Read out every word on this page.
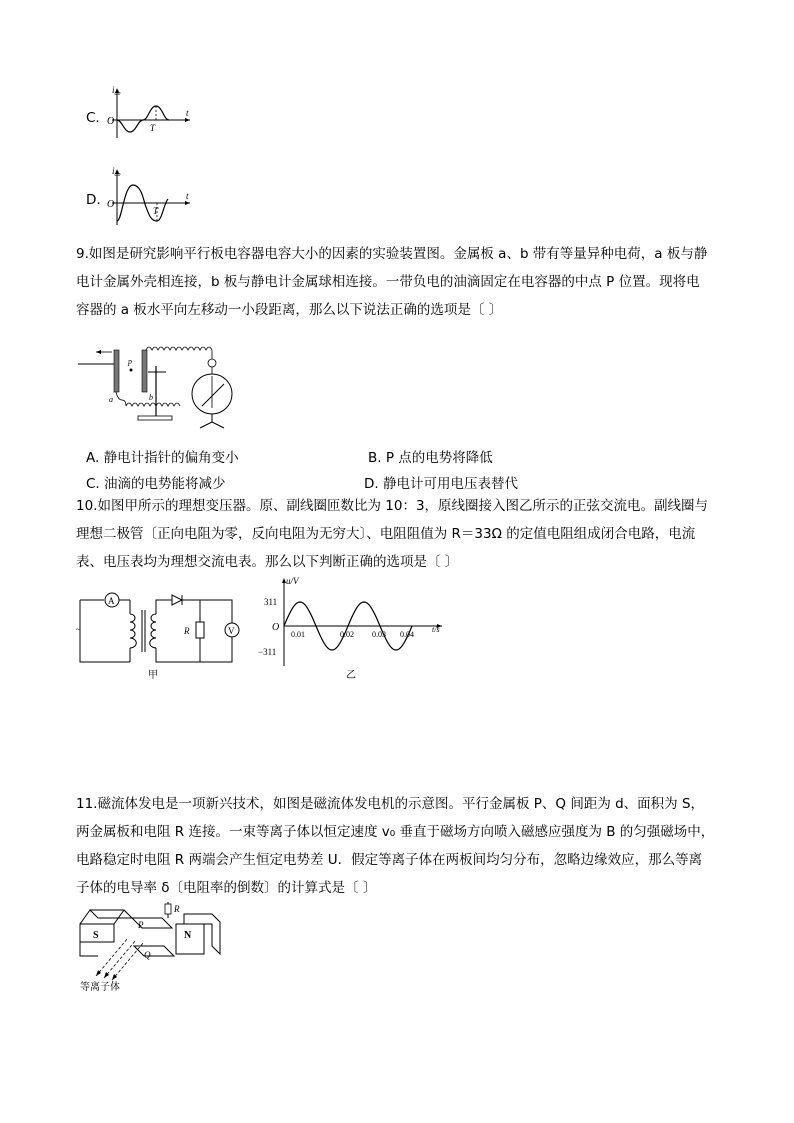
C.
$i_{ab}$
O
T
t
D.
$i_{ab}$
O
T
t
9.如图是研究影响平行板电容器电容大小的因素的实验装置图。金属板 a、b 带有等量异种电荷，a 板与静
电计金属外壳相连接，b 板与静电计金属球相连接。一带负电的油滴固定在电容器的中点 P 位置。现将电
容器的 a 板水平向左移动一小段距离，那么以下说法正确的选项是〔 〕
p
a	b
A. 静电计指针的偏角变小	B. P 点的电势将降低
C. 油滴的电势能将减少	D. 静电计可用电压表替代
10.如图甲所示的理想变压器。原、副线圈匝数比为 10：3，原线圈接入图乙所示的正弦交流电。副线圈与
理想二极管〔正向电阻为零，反向电阻为无穷大〕、电阻阻值为 R＝33Ω 的定值电阻组成闭合电路，电流
表、电压表均为理想交流电表。那么以下判断正确的选项是〔 〕
A
~	R	V
甲
u/V
311
−311
O
0.01	0.02 0.03 0.04
t/s
乙
11.磁流体发电是一项新兴技术，如图是磁流体发电机的示意图。平行金属板 P、Q 间距为 d、面积为 S，
两金属板和电阻 R 连接。一束等离子体以恒定速度 v₀ 垂直于磁场方向喷入磁感应强度为 B 的匀强磁场中，
电路稳定时电阻 R 两端会产生恒定电势差 U．假定等离子体在两板间均匀分布，忽略边缘效应，那么等离
子体的电导率 δ〔电阻率的倒数〕的计算式是〔 〕
S
P
Q
R
N
等离子体
